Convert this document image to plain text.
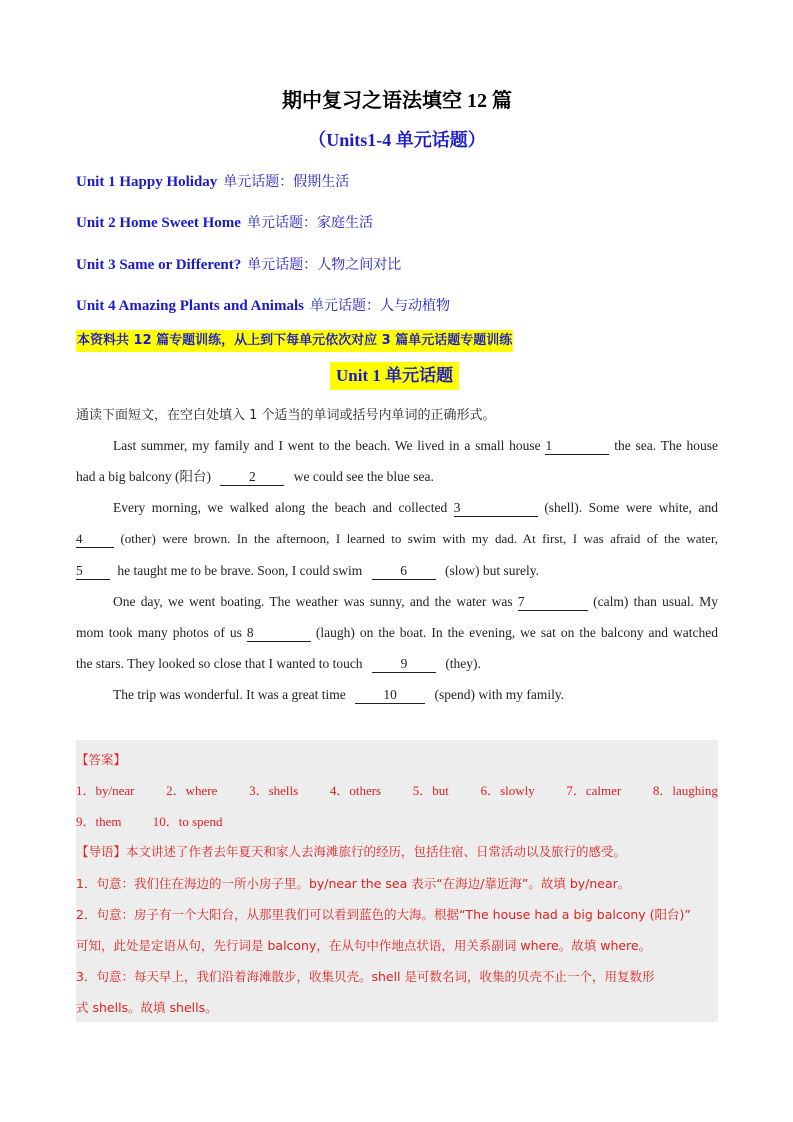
期中复习之语法填空 12 篇
（Units1-4 单元话题）
Unit 1 Happy Holiday 单元话题：假期生活
Unit 2 Home Sweet Home 单元话题：家庭生活
Unit 3 Same or Different? 单元话题：人物之间对比
Unit 4 Amazing Plants and Animals 单元话题：人与动植物
本资料共 12 篇专题训练，从上到下每单元依次对应 3 篇单元话题专题训练
Unit 1 单元话题
通读下面短文，在空白处填入 1 个适当的单词或括号内单词的正确形式。
Last summer, my family and I went to the beach. We lived in a small house 1	the sea. The house
had a big balcony (阳台)	2	we could see the blue sea.
Every morning, we walked along the beach and collected 3	(shell). Some were white, and
4	(other) were brown. In the afternoon, I learned to swim with my dad. At first, I was afraid of the water,
5	he taught me to be brave. Soon, I could swim	6	(slow) but surely.
One day, we went boating. The weather was sunny, and the water was 7	(calm) than usual. My
mom took many photos of us 8	(laugh) on the boat. In the evening, we sat on the balcony and watched
the stars. They looked so close that I wanted to touch	9	(they).
The trip was wonderful. It was a great time	10	(spend) with my family.
【答案】
1．by/near 2．where 3．shells 4．others 5．but 6．slowly 7．calmer 8．laughing
9．them 10．to spend
【导语】本文讲述了作者去年夏天和家人去海滩旅行的经历，包括住宿、日常活动以及旅行的感受。
1．句意：我们住在海边的一所小房子里。by/near the sea 表示“在海边/靠近海”。故填 by/near。
2．句意：房子有一个大阳台，从那里我们可以看到蓝色的大海。根据“The house had a big balcony (阳台)”
可知，此处是定语从句，先行词是 balcony，在从句中作地点状语，用关系副词 where。故填 where。
3．句意：每天早上，我们沿着海滩散步，收集贝壳。shell 是可数名词，收集的贝壳不止一个，用复数形
式 shells。故填 shells。
